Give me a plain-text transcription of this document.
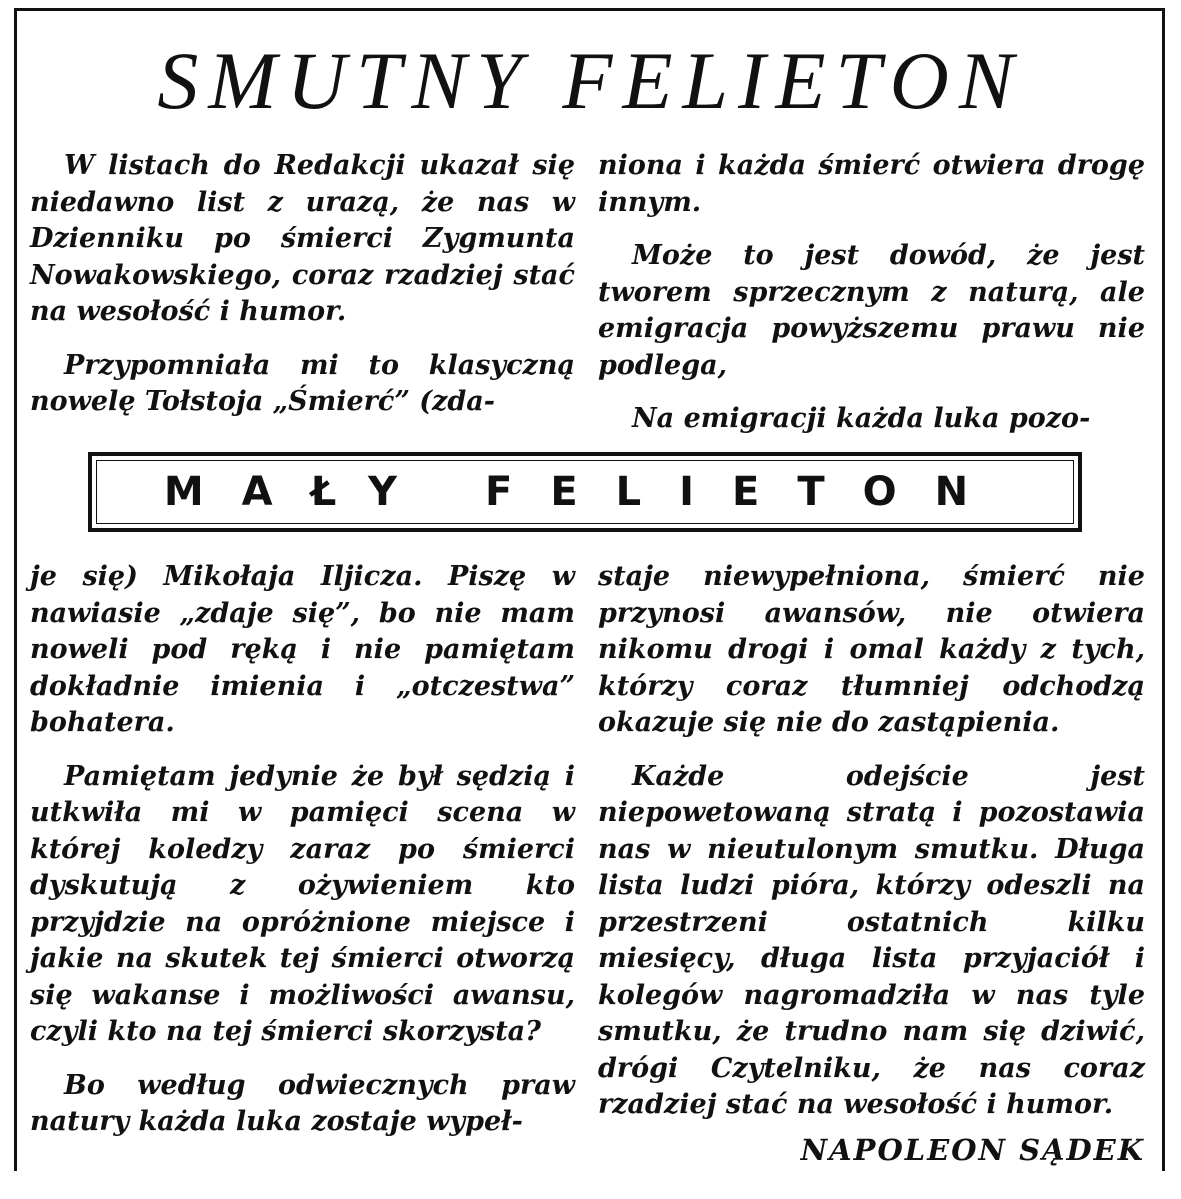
SMUTNY FELIETON

W listach do Redakcji ukazał się niedawno list z urazą, że nas w Dzienniku po śmierci Zygmunta Nowakowskiego, coraz rzadziej stać na wesołość i humor.

Przypomniała mi to klasyczną nowelę Tołstoja „Śmierć” (zda-

niona i każda śmierć otwiera drogę innym.

Może to jest dowód, że jest tworem sprzecznym z naturą, ale emigracja powyższemu prawu nie podlega,

Na emigracji każda luka pozo-

MAŁY FELIETON

je się) Mikołaja Iljicza. Piszę w nawiasie „zdaje się”, bo nie mam noweli pod ręką i nie pamiętam dokładnie imienia i „otczestwa” bohatera.

Pamiętam jedynie że był sędzią i utkwiła mi w pamięci scena w której koledzy zaraz po śmierci dyskutują z ożywieniem kto przyjdzie na opróżnione miejsce i jakie na skutek tej śmierci otworzą się wakanse i możliwości awansu, czyli kto na tej śmierci skorzysta?

Bo według odwiecznych praw natury każda luka zostaje wypeł-

staje niewypełniona, śmierć nie przynosi awansów, nie otwiera nikomu drogi i omal każdy z tych, którzy coraz tłumniej odchodzą okazuje się nie do zastąpienia.

Każde odejście jest niepowetowaną stratą i pozostawia nas w nieutulonym smutku. Długa lista ludzi pióra, którzy odeszli na przestrzeni ostatnich kilku miesięcy, długa lista przyjaciół i kolegów nagromadziła w nas tyle smutku, że trudno nam się dziwić, drógi Czytelniku, że nas coraz rzadziej stać na wesołość i humor.

NAPOLEON SĄDEK
